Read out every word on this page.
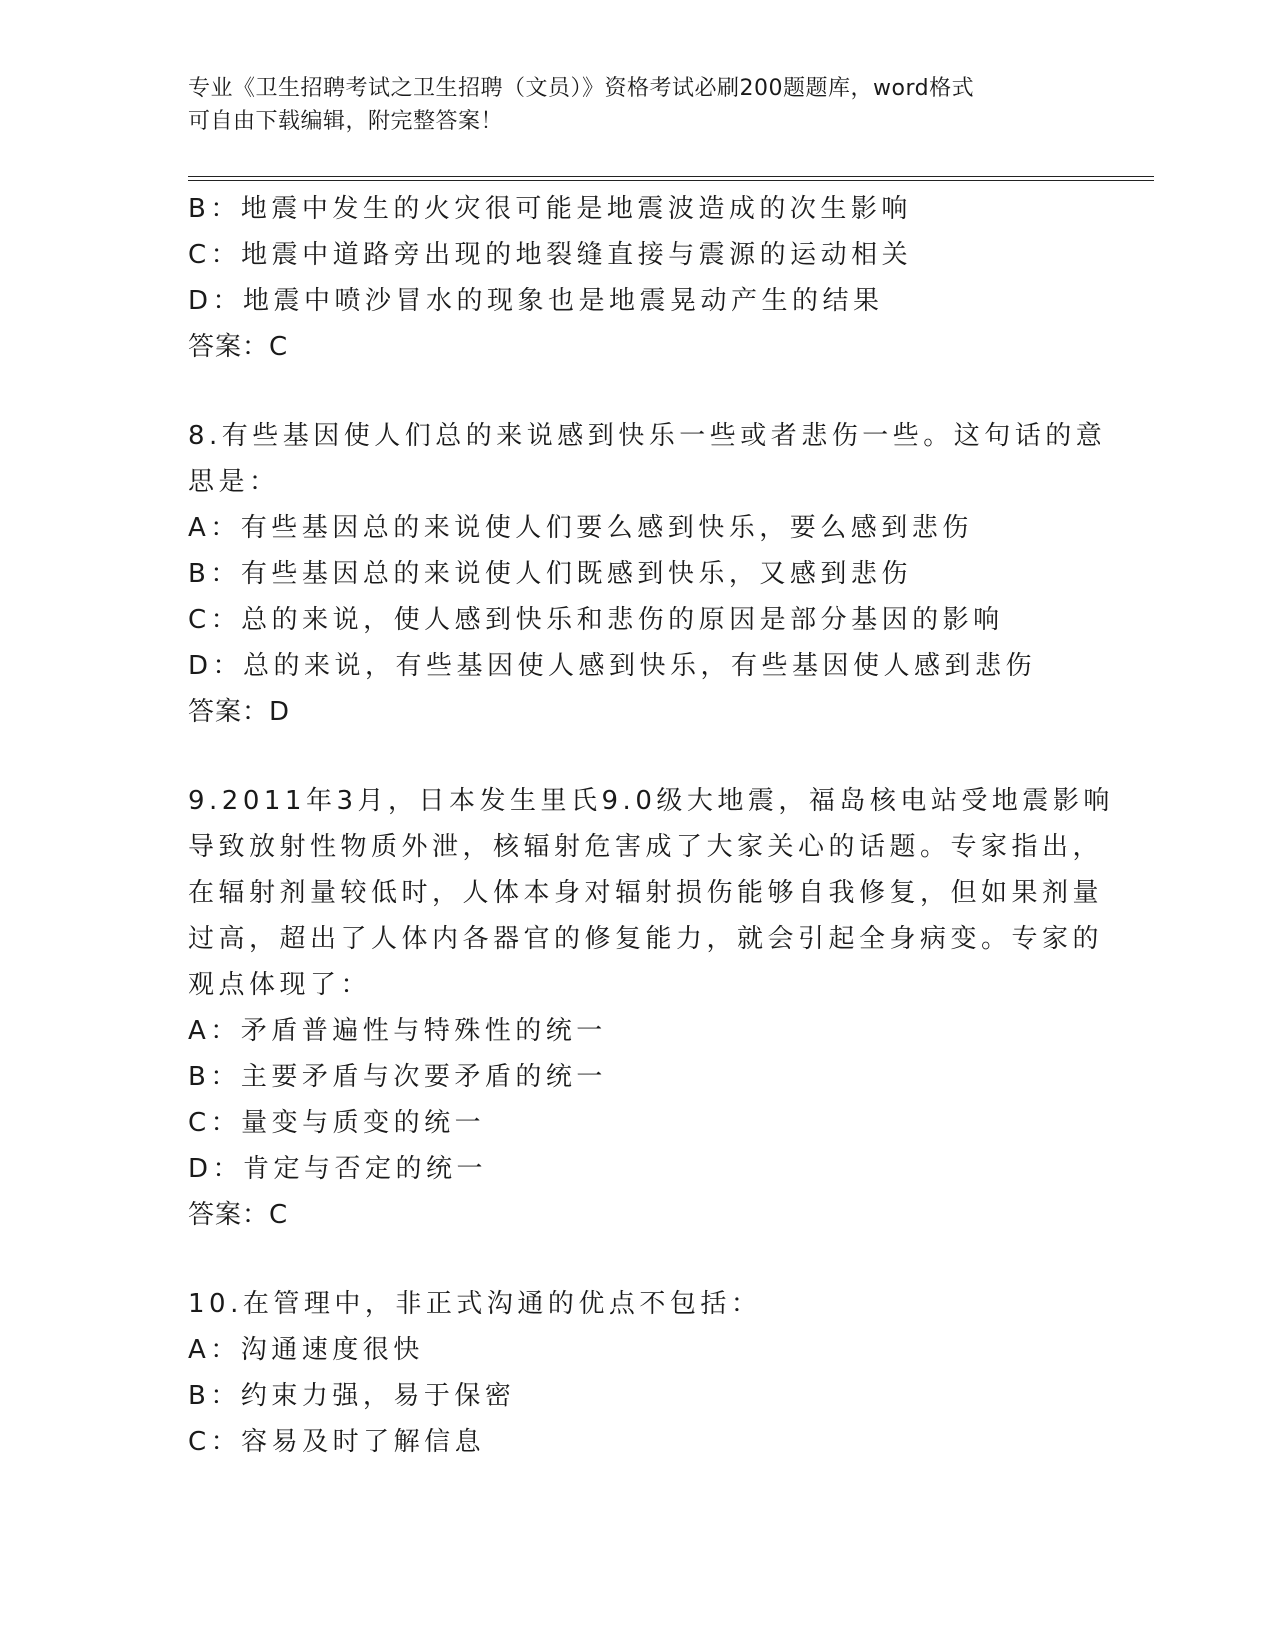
专业《卫生招聘考试之卫生招聘（文员）》资格考试必刷200题题库，word格式
可自由下载编辑，附完整答案！
B：地震中发生的火灾很可能是地震波造成的次生影响
C：地震中道路旁出现的地裂缝直接与震源的运动相关
D：地震中喷沙冒水的现象也是地震晃动产生的结果
答案：C
8.有些基因使人们总的来说感到快乐一些或者悲伤一些。这句话的意
思是：
A：有些基因总的来说使人们要么感到快乐，要么感到悲伤
B：有些基因总的来说使人们既感到快乐，又感到悲伤
C：总的来说，使人感到快乐和悲伤的原因是部分基因的影响
D：总的来说，有些基因使人感到快乐，有些基因使人感到悲伤
答案：D
9.2011年3月，日本发生里氏9.0级大地震，福岛核电站受地震影响
导致放射性物质外泄，核辐射危害成了大家关心的话题。专家指出，
在辐射剂量较低时，人体本身对辐射损伤能够自我修复，但如果剂量
过高，超出了人体内各器官的修复能力，就会引起全身病变。专家的
观点体现了：
A：矛盾普遍性与特殊性的统一
B：主要矛盾与次要矛盾的统一
C：量变与质变的统一
D：肯定与否定的统一
答案：C
10.在管理中，非正式沟通的优点不包括：
A：沟通速度很快
B：约束力强，易于保密
C：容易及时了解信息
